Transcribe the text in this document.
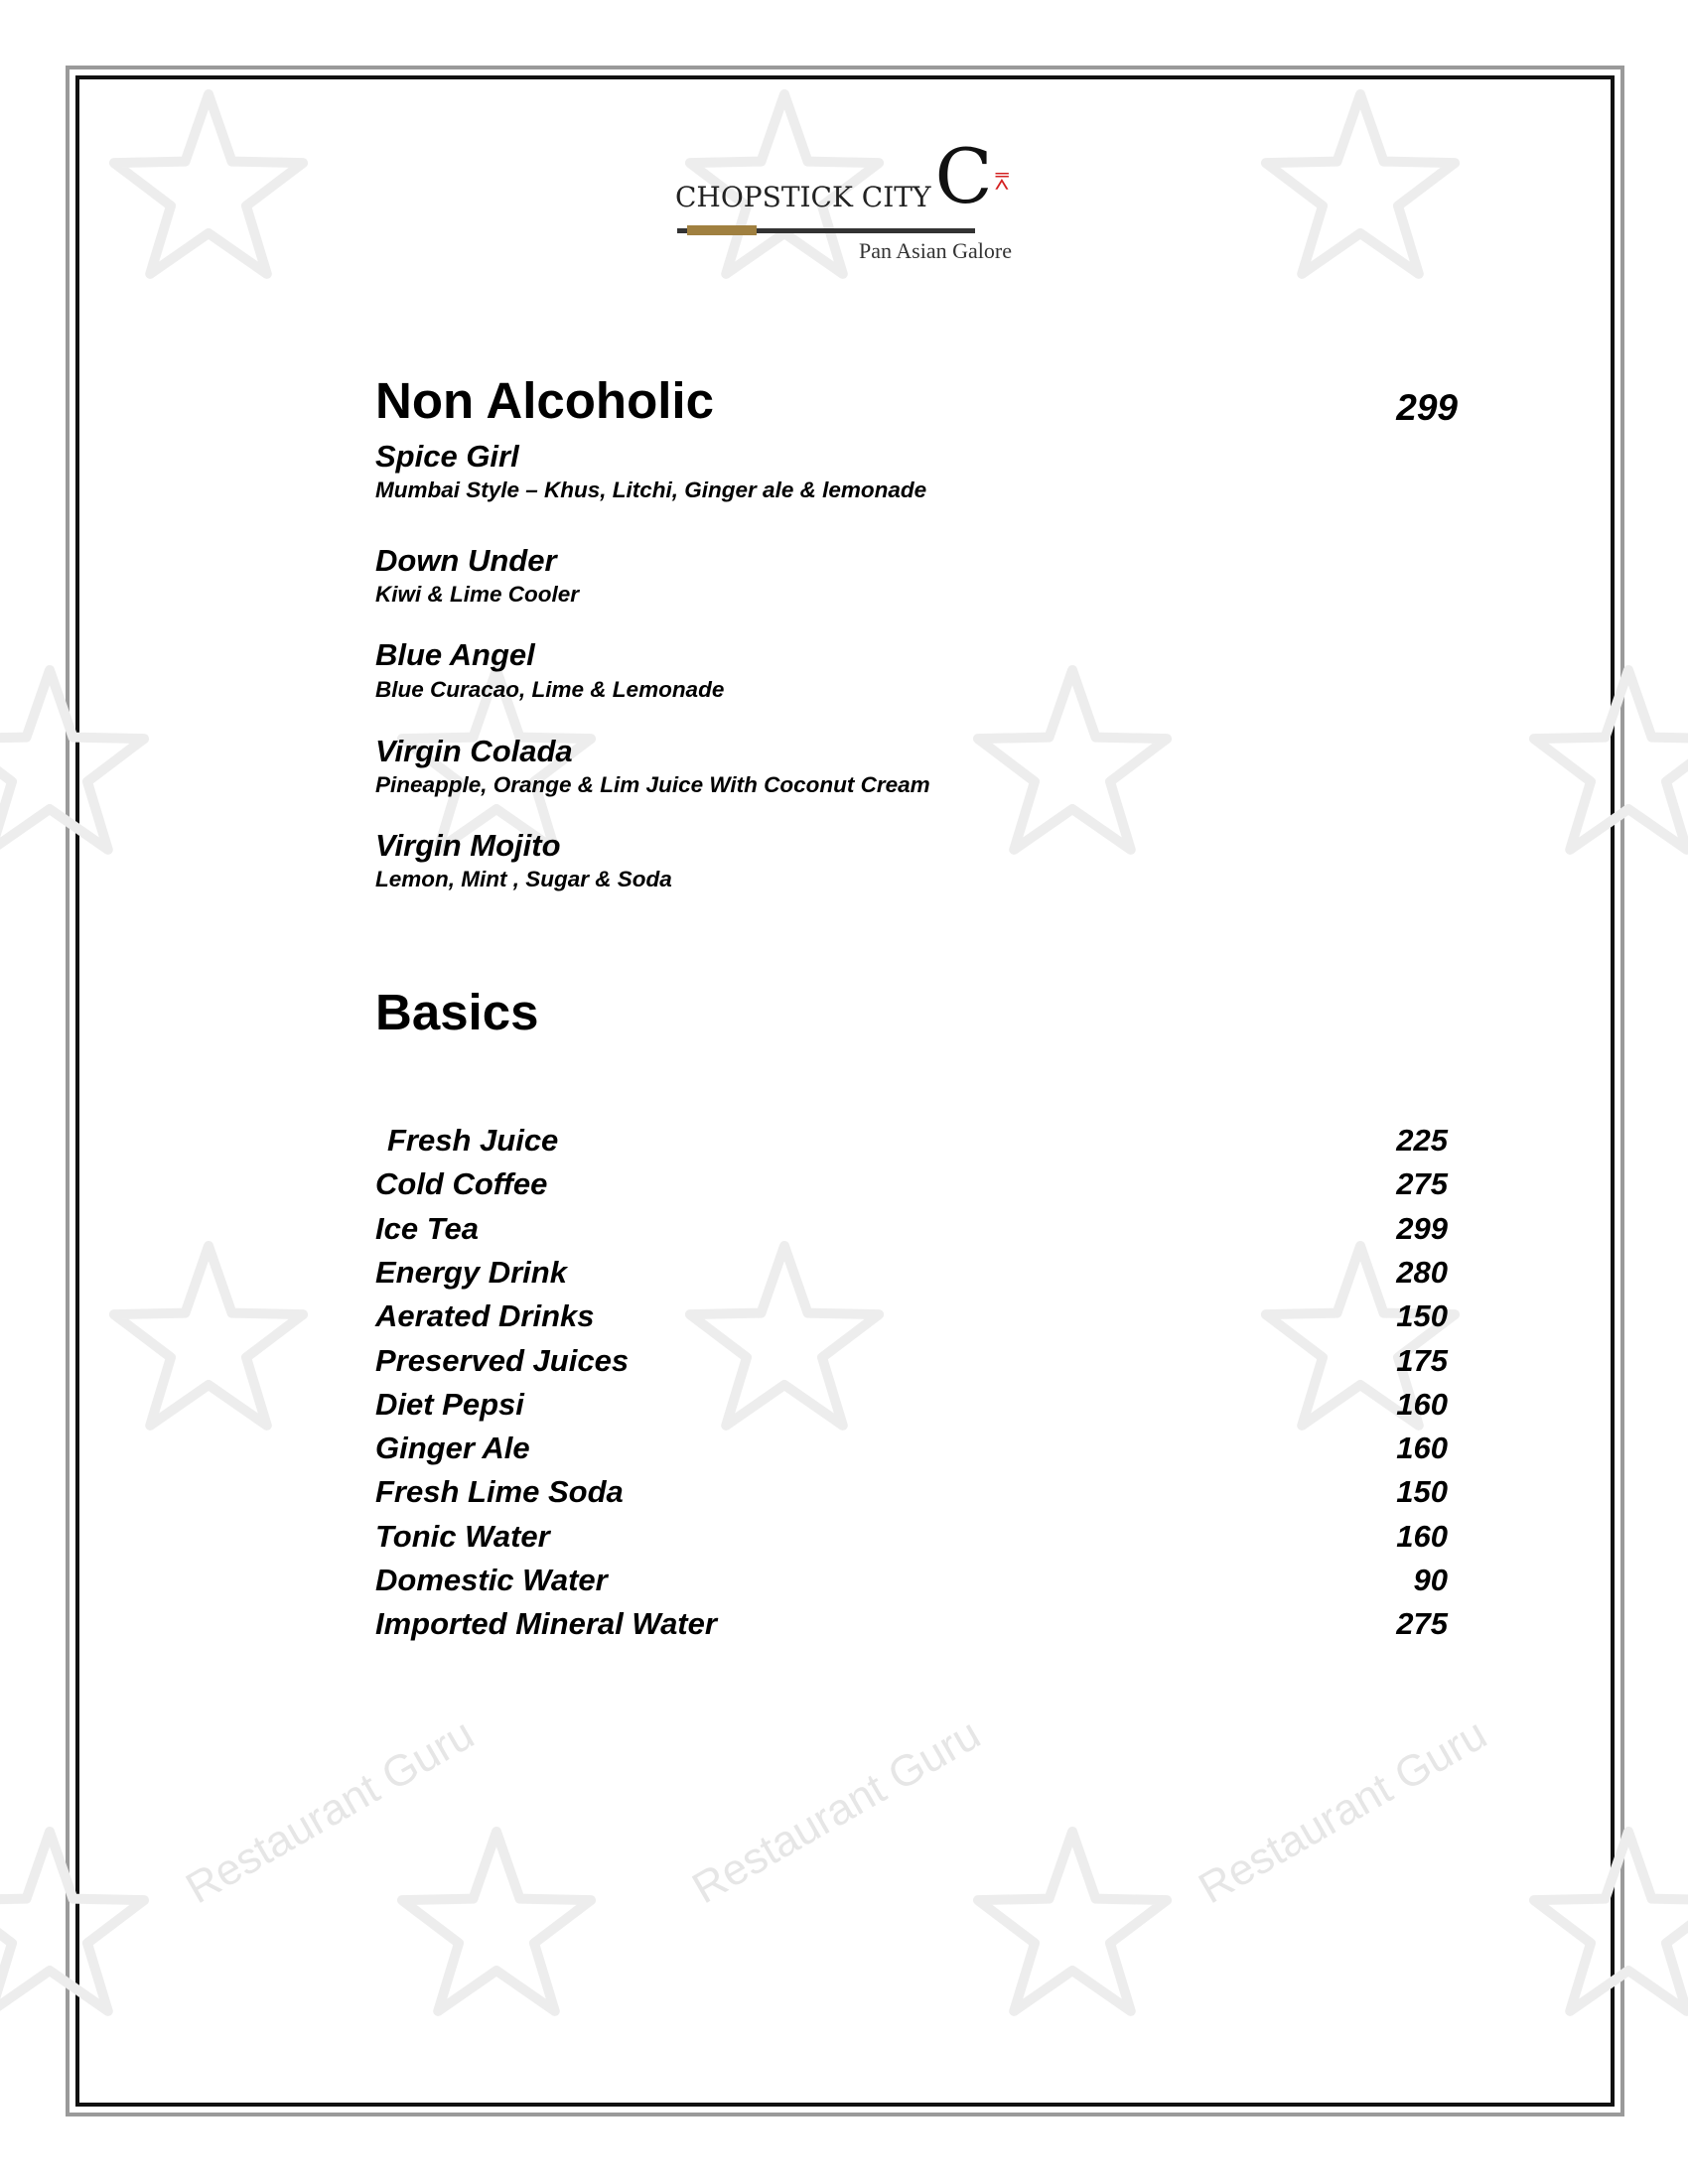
Restaurant Guru	Restaurant Guru	Restaurant Guru
CHOPSTICK CITY C ⩞
Pan Asian Galore
Non Alcoholic	299
Spice Girl
Mumbai Style – Khus, Litchi, Ginger ale & lemonade
Down Under
Kiwi & Lime Cooler
Blue Angel
Blue Curacao, Lime & Lemonade
Virgin Colada
Pineapple, Orange & Lim Juice With Coconut Cream
Virgin Mojito
Lemon, Mint , Sugar & Soda
Basics
Fresh Juice	225
Cold Coffee	275
Ice Tea	299
Energy Drink	280
Aerated Drinks	150
Preserved Juices	175
Diet Pepsi	160
Ginger Ale	160
Fresh Lime Soda	150
Tonic Water	160
Domestic Water	90
Imported Mineral Water	275
